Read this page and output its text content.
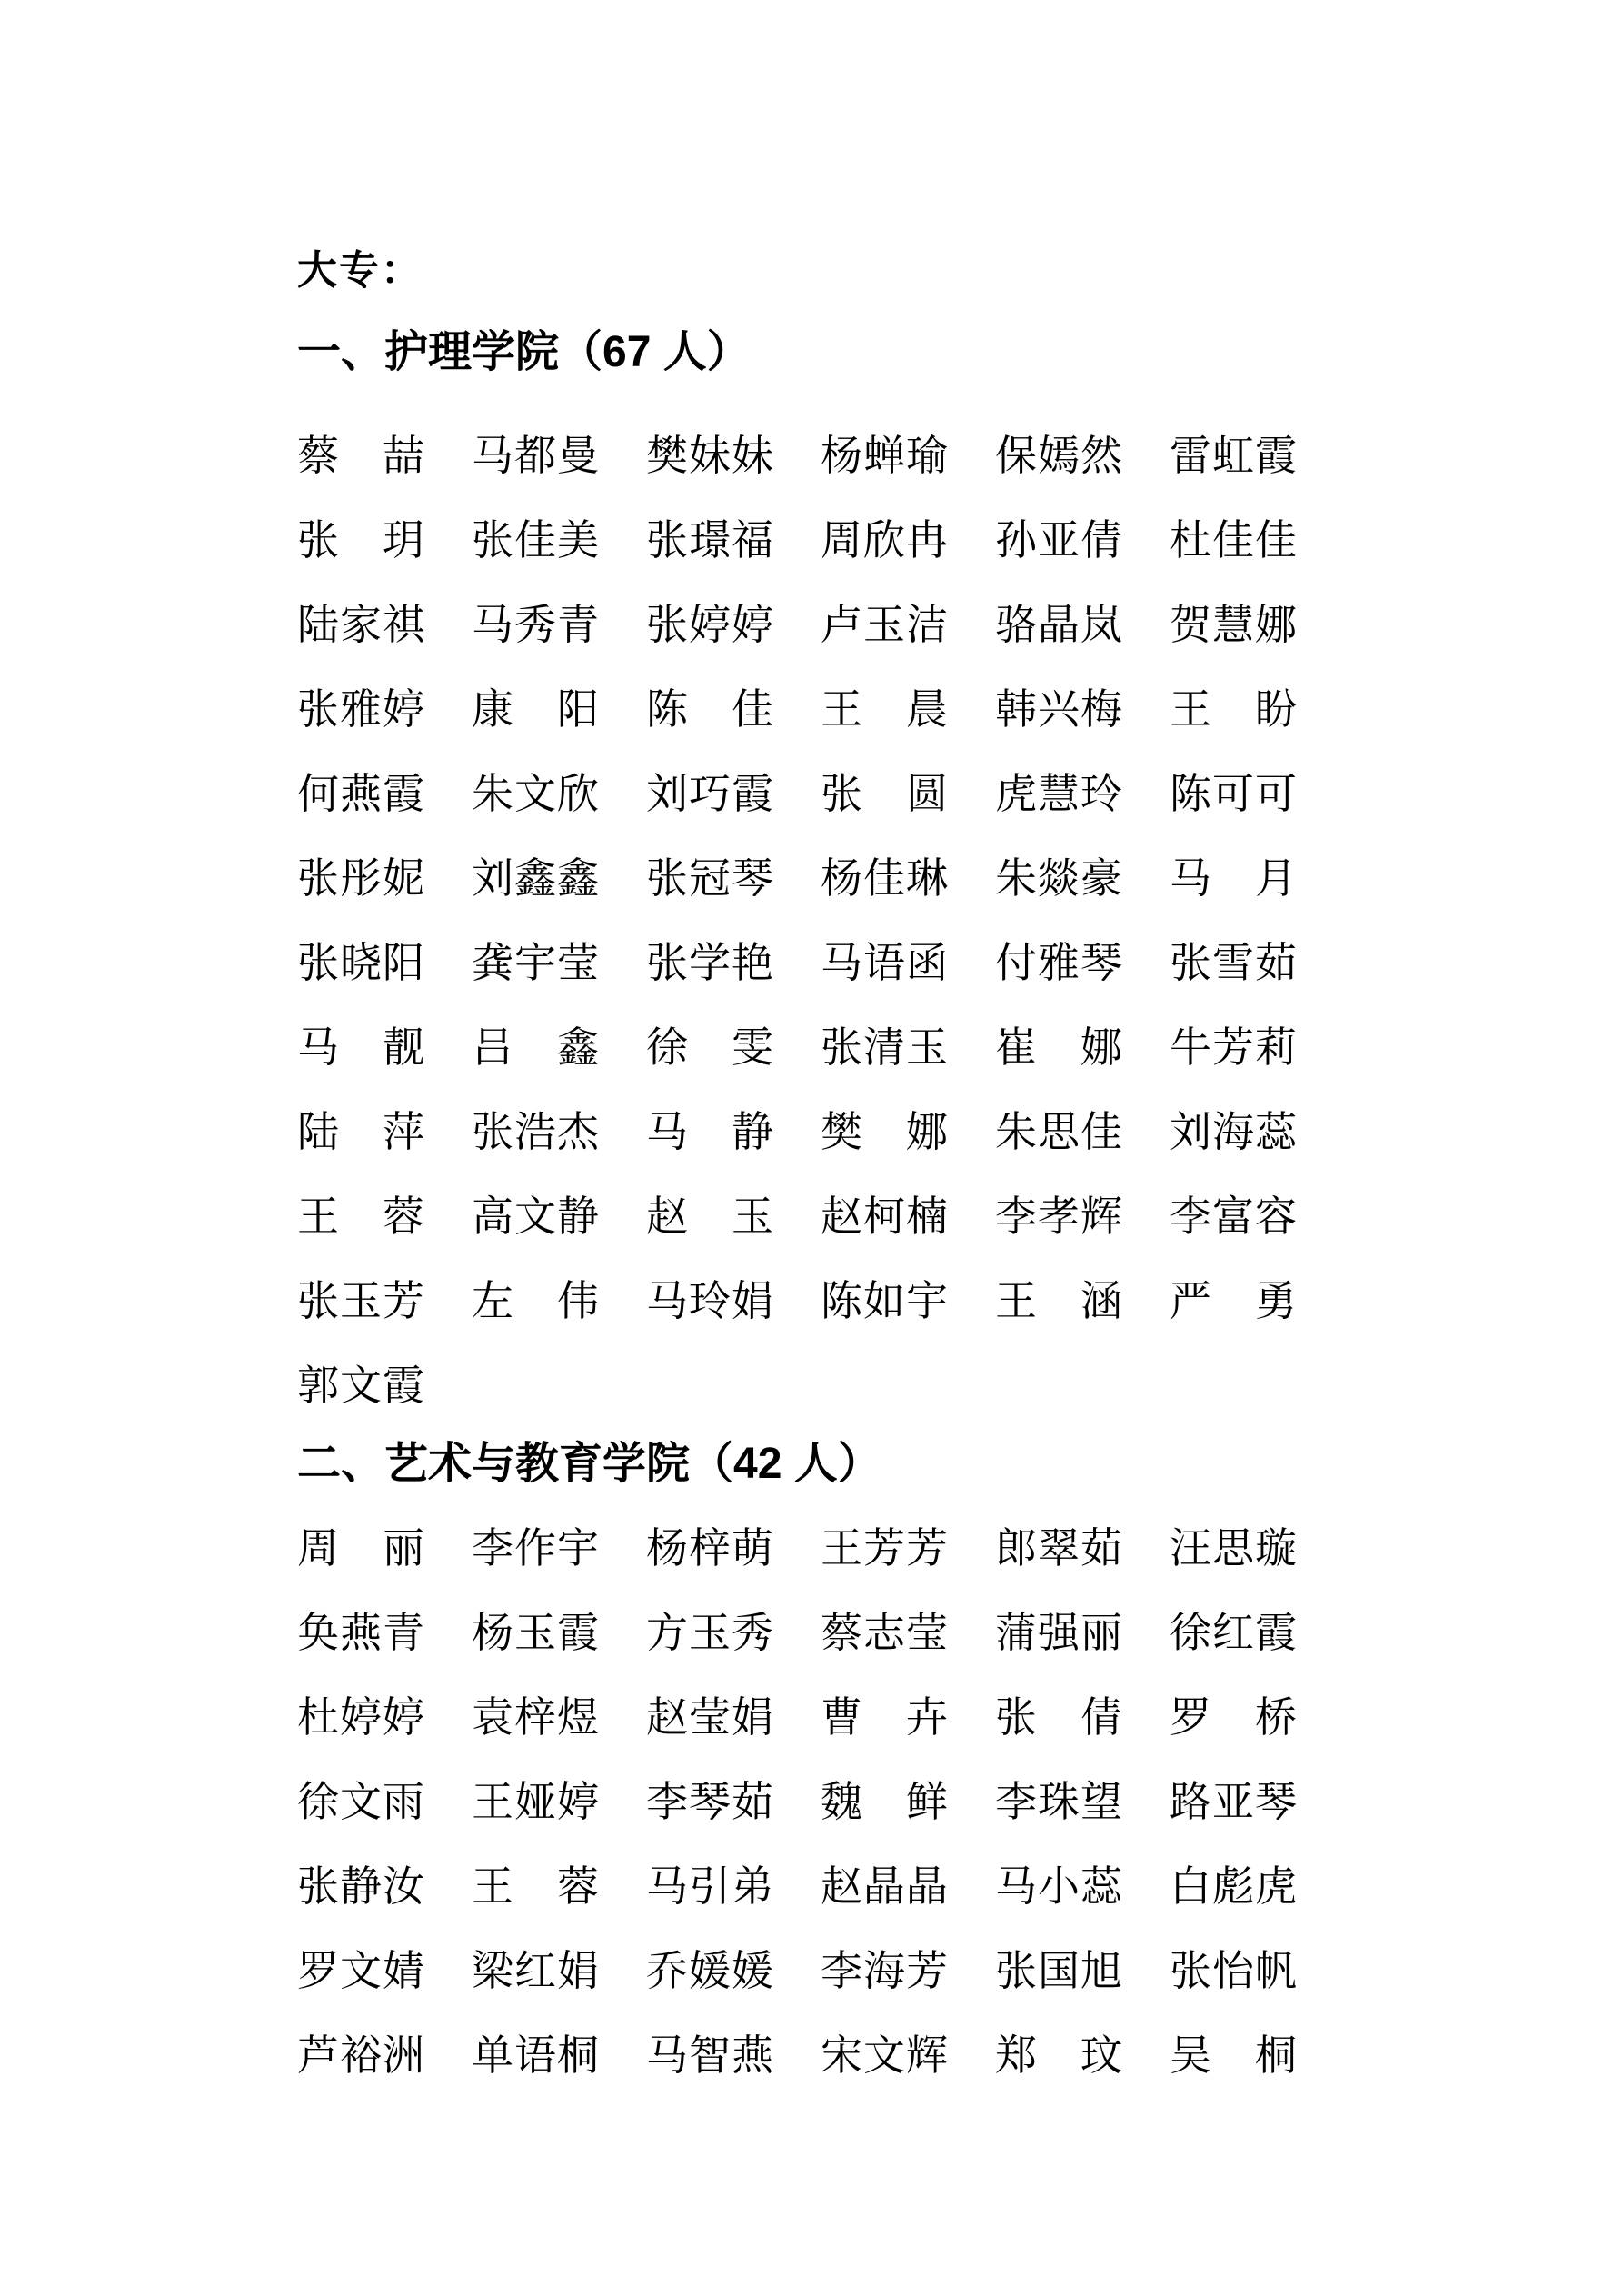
大专：
一、护理学院（67 人）
蔡 喆 马 都 曼 樊 妹 妹 杨 蝉 瑜 保 嫣 然 雷 虹 霞
张 玥 张 佳 美 张 璟 福 周 欣 冉 孙 亚 倩 杜 佳 佳
陆 家 祺 马 秀 青 张 婷 婷 卢 玉 洁 骆 晶 岚 贺 慧 娜
张 雅 婷 康 阳 陈 佳 王 晨 韩 兴 梅 王 盼
何 燕 霞 朱 文 欣 刘 巧 霞 张 圆 虎 慧 玲 陈 可 可
张 彤 妮 刘 鑫 鑫 张 冠 琴 杨 佳 琳 朱 燚 豪 马 月
张 晓 阳 龚 宇 莹 张 学 艳 马 语 函 付 雅 琴 张 雪 茹
马 靓 吕 鑫 徐 雯 张 清 玉 崔 娜 牛 芳 莉
陆 萍 张 浩 杰 马 静 樊 娜 朱 思 佳 刘 海 蕊
王 蓉 高 文 静 赵 玉 赵 柯 楠 李 孝 辉 李 富 容
张 玉 芳 左 伟 马 玲 娟 陈 如 宇 王 涵 严 勇
郭 文 霞
二、艺术与教育学院（42 人）
周 丽 李 作 宇 杨 梓 萌 王 芳 芳 郎 翠 茹 汪 思 璇
奂 燕 青 杨 玉 霞 方 玉 秀 蔡 志 莹 蒲 强 丽 徐 红 霞
杜 婷 婷 袁 梓 煜 赵 莹 娟 曹 卉 张 倩 罗 桥
徐 文 雨 王 娅 婷 李 琴 茹 魏 鲜 李 珠 望 路 亚 琴
张 静 汝 王 蓉 马 引 弟 赵 晶 晶 马 小 蕊 白 彪 虎
罗 文 婧 梁 红 娟 乔 媛 媛 李 海 芳 张 国 旭 张 怡 帆
芦 裕 洲 单 语 桐 马 智 燕 宋 文 辉 郑 玟 吴 桐
